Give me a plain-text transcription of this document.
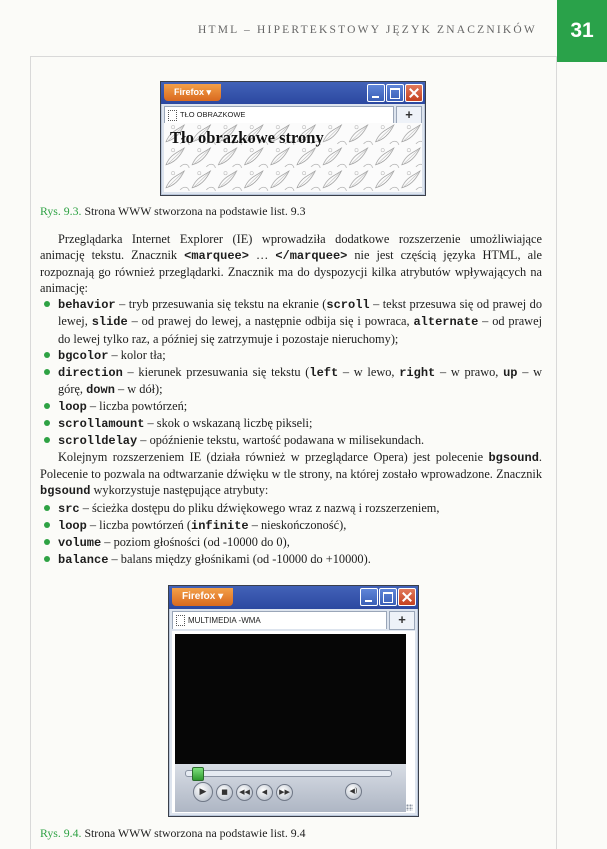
HTML – HIPERTEKSTOWY JĘZYK ZNACZNIKÓW	31
Firefox ▾
TŁO OBRAZKOWE	+
Tło obrazkowe strony
Rys. 9.3. Strona WWW stworzona na podstawie list. 9.3

Przeglądarka Internet Explorer (IE) wprowadziła dodatkowe rozszerzenie umożliwiające animację tekstu. Znacznik <marquee> … </marquee> nie jest częścią języka HTML, ale rozpoznają go również przeglądarki. Znacznik ma do dyspozycji kilka atrybutów wpływających na animację:

behavior – tryb przesuwania się tekstu na ekranie (scroll – tekst przesuwa się od prawej do lewej, slide – od prawej do lewej, a następnie odbija się i powraca, alternate – od prawej do lewej tylko raz, a później się zatrzymuje i pozostaje nieruchomy);
bgcolor – kolor tła;
direction – kierunek przesuwania się tekstu (left – w lewo, right – w prawo, up – w górę, down – w dół);
loop – liczba powtórzeń;
scrollamount – skok o wskazaną liczbę pikseli;
scrolldelay – opóźnienie tekstu, wartość podawana w milisekundach.

Kolejnym rozszerzeniem IE (działa również w przeglądarce Opera) jest polecenie bgsound. Polecenie to pozwala na odtwarzanie dźwięku w tle strony, na której zostało wprowadzone. Znacznik bgsound wykorzystuje następujące atrybuty:

src – ścieżka dostępu do pliku dźwiękowego wraz z nazwą i rozszerzeniem,
loop – liczba powtórzeń (infinite – nieskończoność),
volume – poziom głośności (od -10000 do 0),
balance – balans między głośnikami (od -10000 do +10000).
Firefox ▾
MULTIMEDIA -WMA	+
▶	■	◀◀	◀	▶▶	◀)
Rys. 9.4. Strona WWW stworzona na podstawie list. 9.4
